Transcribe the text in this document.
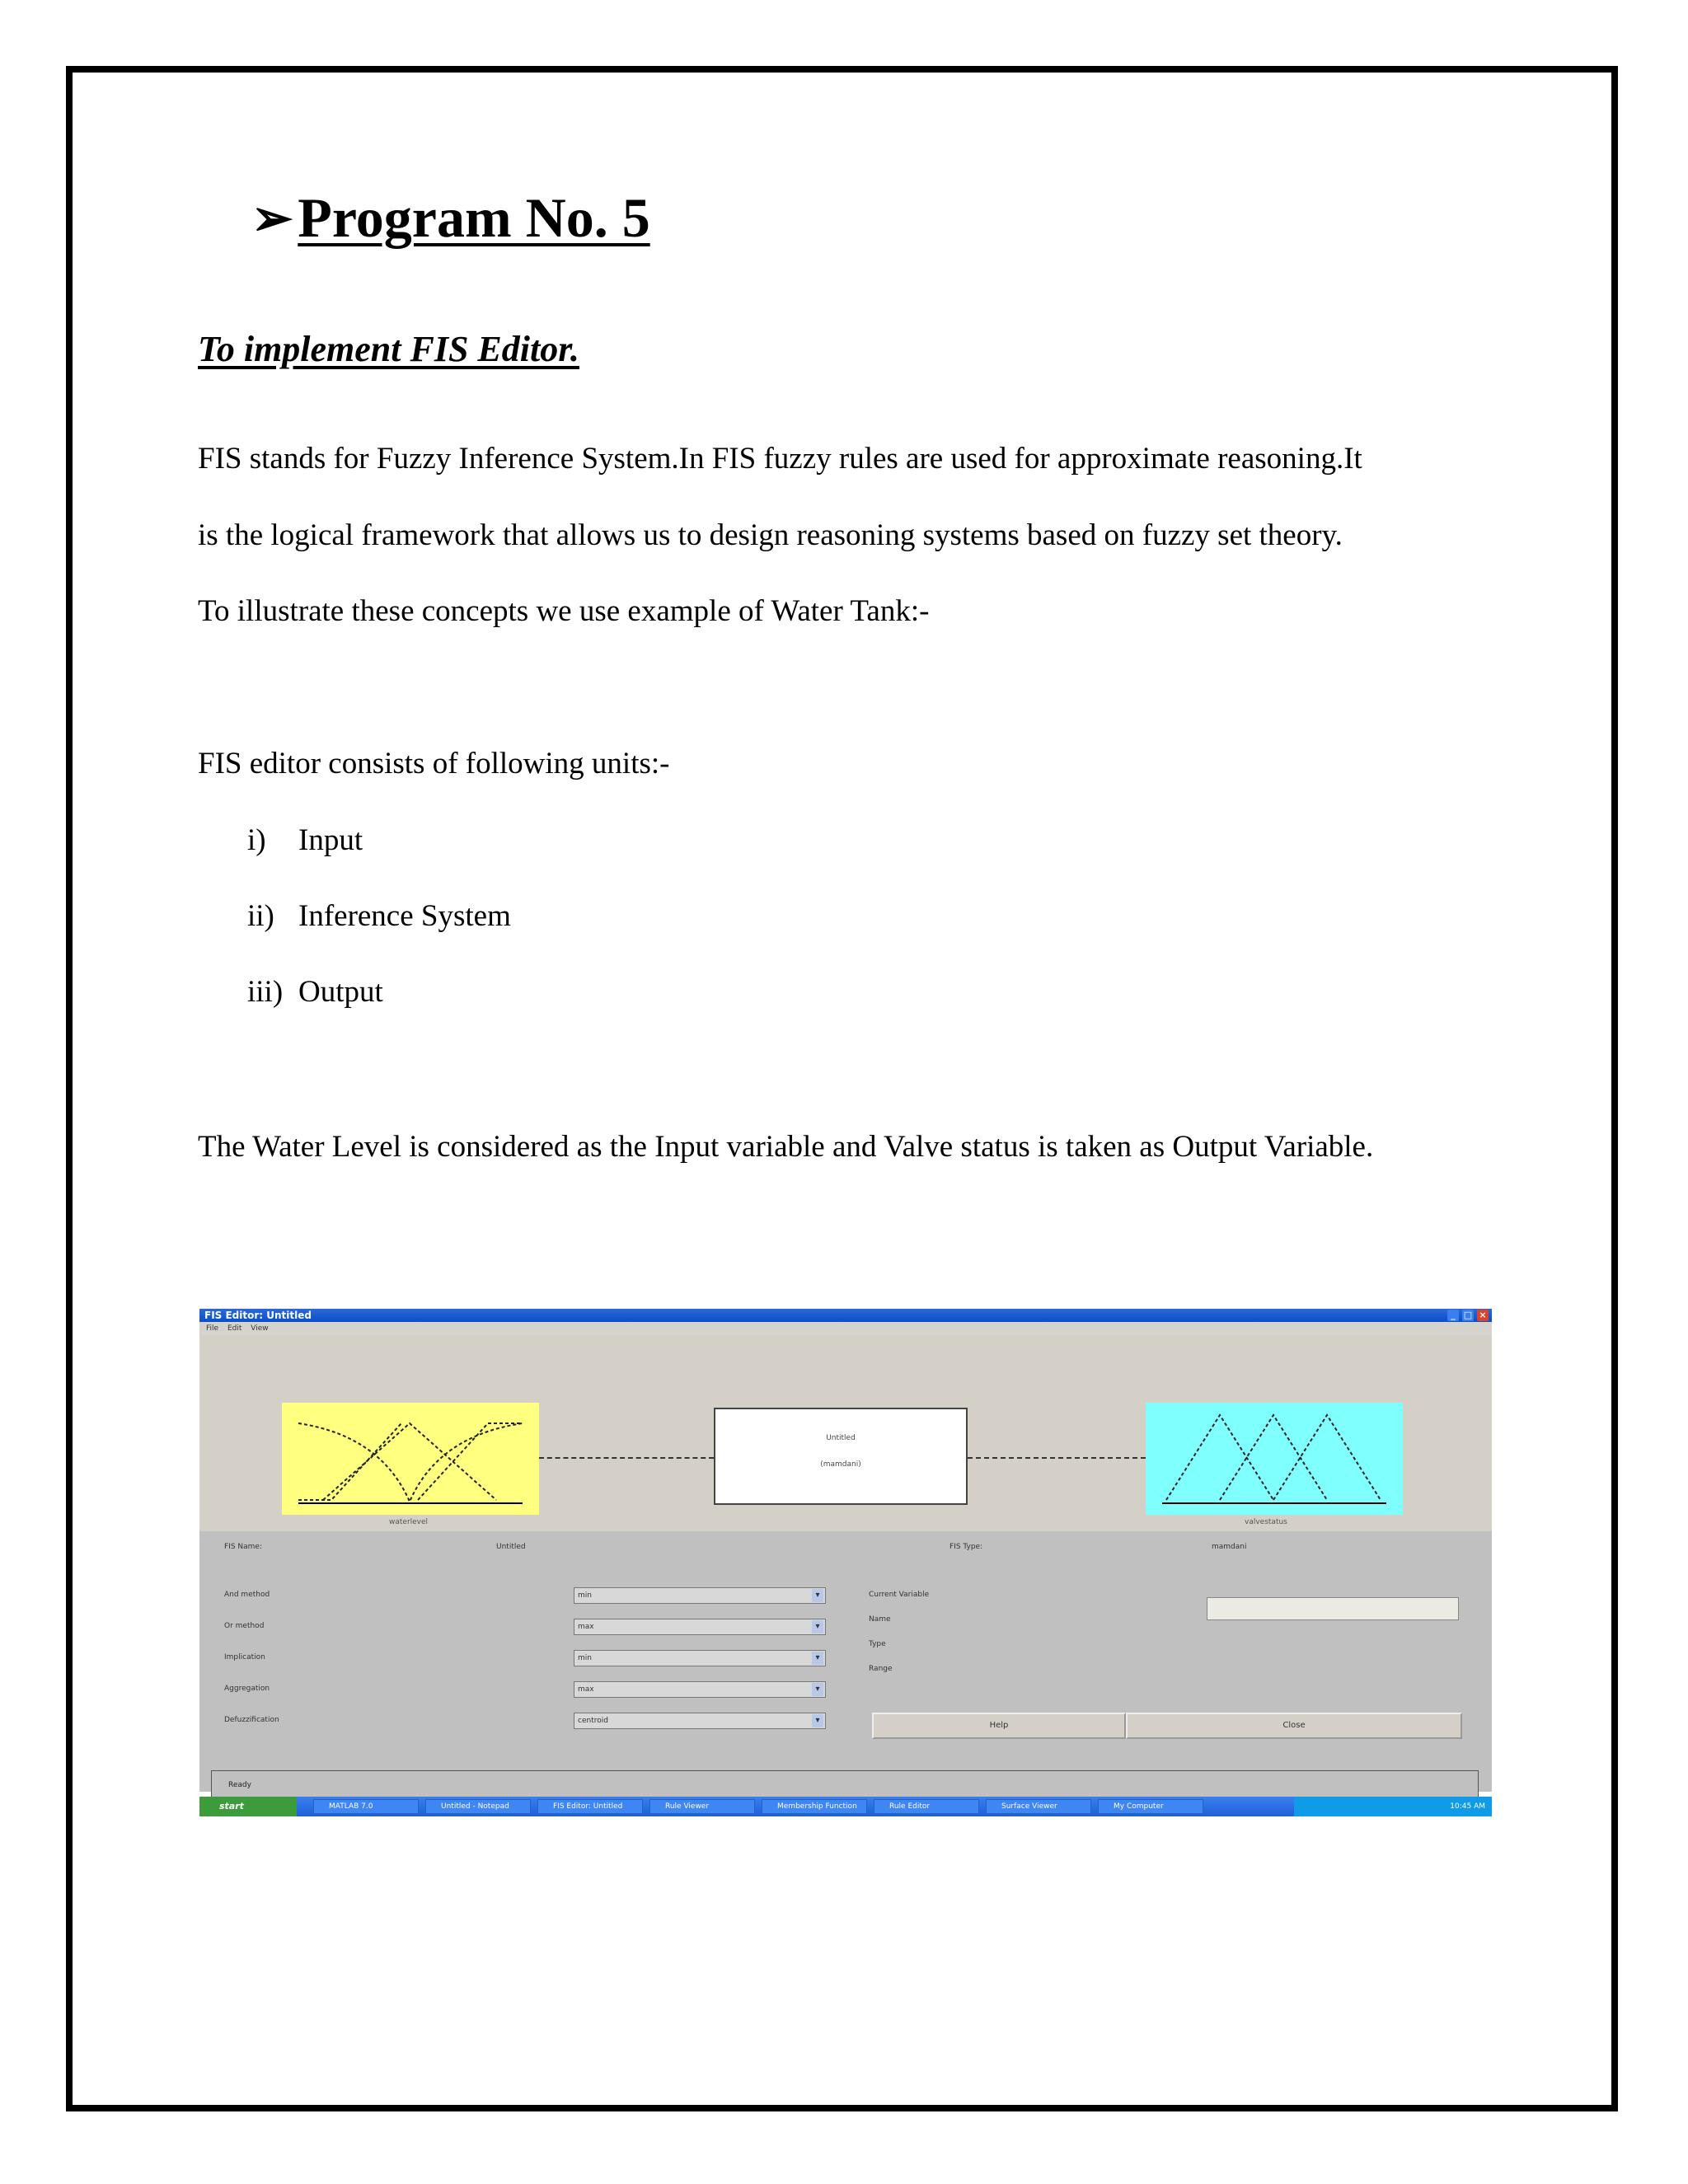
➢ Program No. 5
To implement FIS Editor.
FIS stands for Fuzzy Inference System.In FIS fuzzy rules are used for approximate reasoning.It
is the logical framework that allows us to design reasoning systems based on fuzzy set theory.
To illustrate these concepts we use example of Water Tank:-
FIS editor consists of following units:-
i) Input
ii) Inference System
iii) Output
The Water Level is considered as the Input variable and Valve status is taken as Output Variable.
FIS Editor: Untitled	_ □ ×
File Edit View
waterlevel
Untitled
(mamdani)
valvestatus
FIS Name:	Untitled	FIS Type:	mamdani
And method	min ▾
Or method	max ▾
Implication	min ▾
Aggregation	max ▾
Defuzzification	centroid ▾
Current Variable
Name
Type
Range
Help	Close
Ready
start	MATLAB 7.0	Untitled - Notepad	FIS Editor: Untitled	Rule Viewer	Membership Function	Rule Editor	Surface Viewer	My Computer	10:45 AM
